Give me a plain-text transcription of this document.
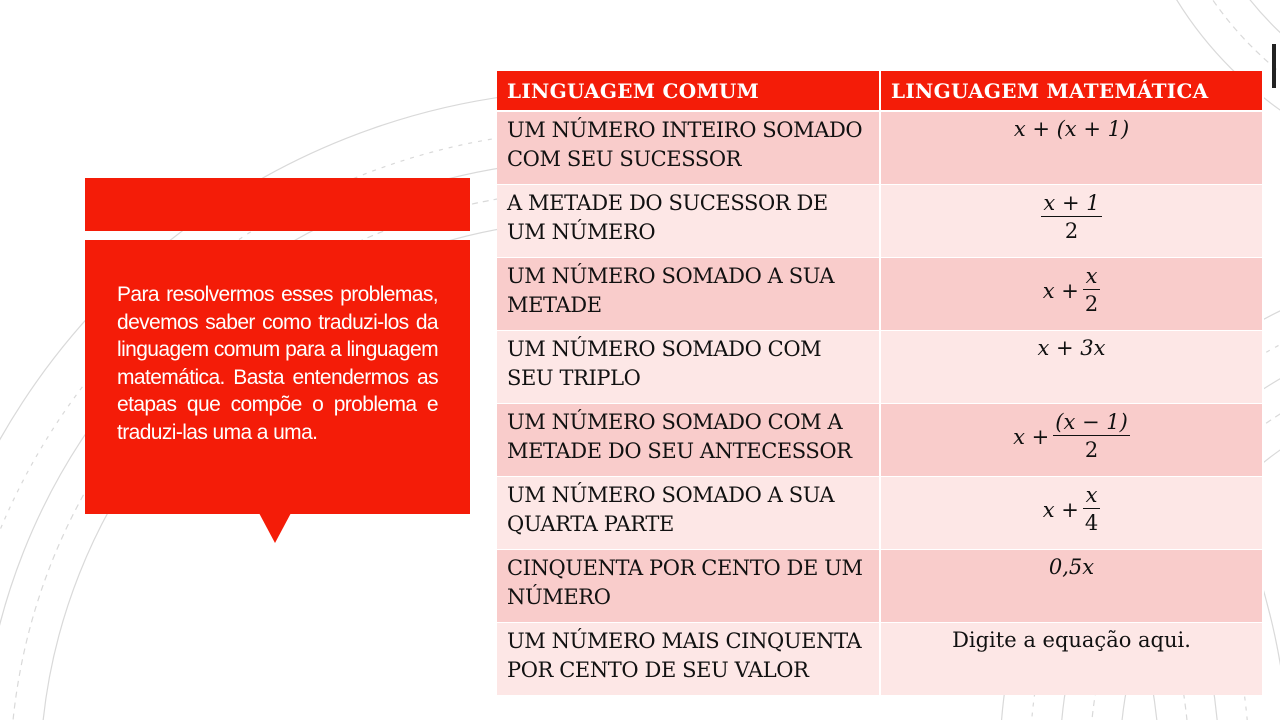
Para resolvermos esses problemas, devemos saber como traduzi-los da linguagem comum para a linguagem matemática. Basta entendermos as etapas que compõe o problema e traduzi-las uma a uma.

LINGUAGEM COMUM	LINGUAGEM MATEMÁTICA
UM NÚMERO INTEIRO SOMADO COM SEU SUCESSOR	x + (x + 1)
A METADE DO SUCESSOR DE UM NÚMERO	$\frac{x + 1}{2}$

UM NÚMERO SOMADO A SUA METADE	$x + \frac{x}{2}$

UM NÚMERO SOMADO COM SEU TRIPLO	x + 3x
UM NÚMERO SOMADO COM A METADE DO SEU ANTECESSOR	$x + \frac{(x - 1)}{2}$

UM NÚMERO SOMADO A SUA QUARTA PARTE	$x + \frac{x}{4}$

CINQUENTA POR CENTO DE UM NÚMERO	0,5x
UM NÚMERO MAIS CINQUENTA POR CENTO DE SEU VALOR	Digite a equação aqui.
